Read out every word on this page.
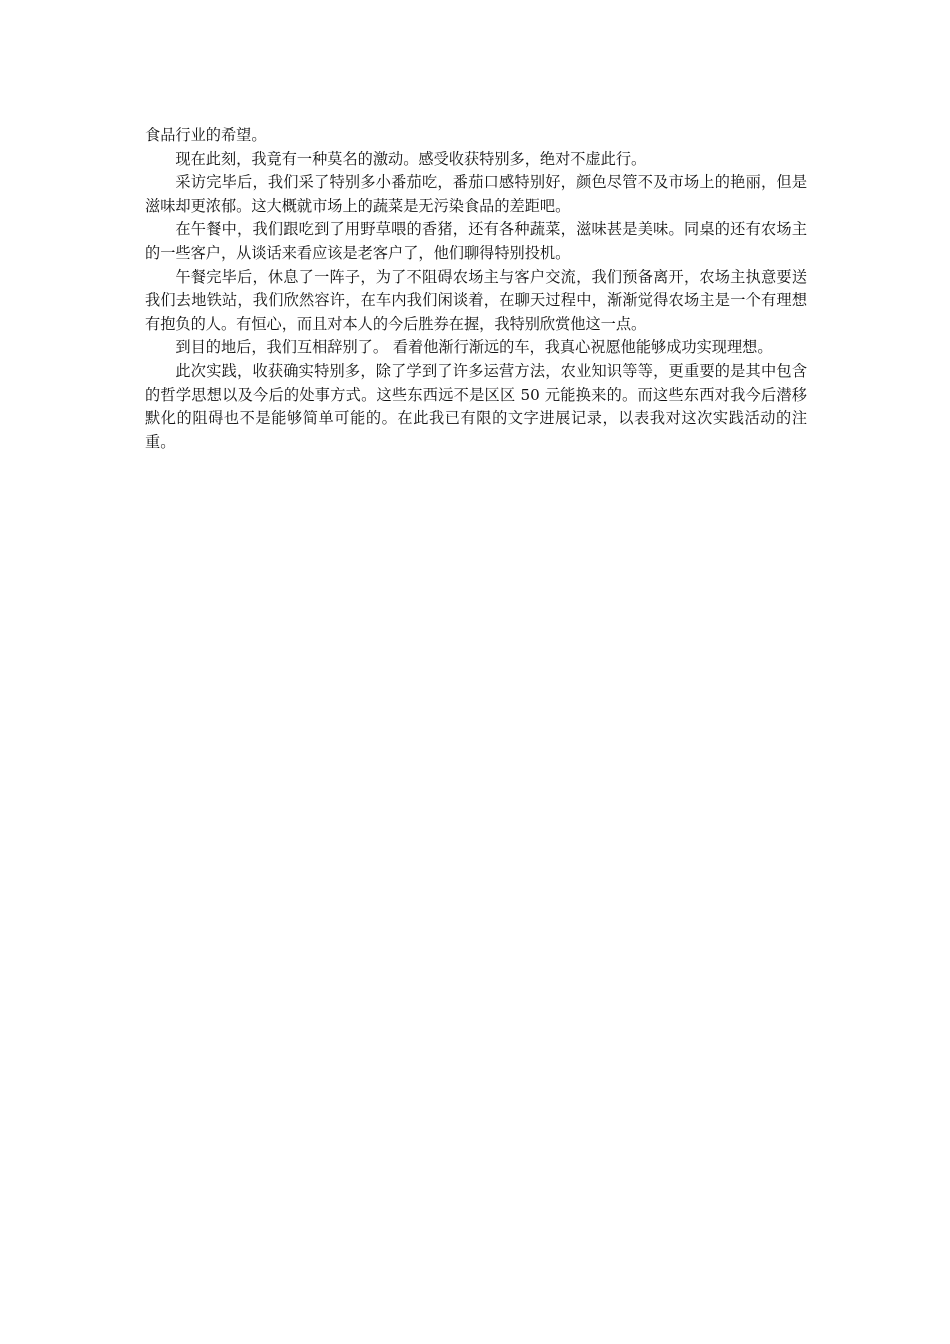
食品行业的希望。

现在此刻，我竟有一种莫名的激动。感受收获特别多，绝对不虚此行。

采访完毕后，我们采了特别多小番茄吃，番茄口感特别好，颜色尽管不及市场上的艳丽，但是滋味却更浓郁。这大概就市场上的蔬菜是无污染食品的差距吧。

在午餐中，我们跟吃到了用野草喂的香猪，还有各种蔬菜，滋味甚是美味。同桌的还有农场主的一些客户，从谈话来看应该是老客户了，他们聊得特别投机。

午餐完毕后，休息了一阵子，为了不阻碍农场主与客户交流，我们预备离开，农场主执意要送我们去地铁站，我们欣然容许，在车内我们闲谈着，在聊天过程中，渐渐觉得农场主是一个有理想有抱负的人。有恒心，而且对本人的今后胜券在握，我特别欣赏他这一点。

到目的地后，我们互相辞别了。 看着他渐行渐远的车，我真心祝愿他能够成功实现理想。

此次实践，收获确实特别多，除了学到了许多运营方法，农业知识等等，更重要的是其中包含的哲学思想以及今后的处事方式。这些东西远不是区区 50 元能换来的。而这些东西对我今后潜移默化的阻碍也不是能够简单可能的。在此我已有限的文字进展记录，以表我对这次实践活动的注重。
